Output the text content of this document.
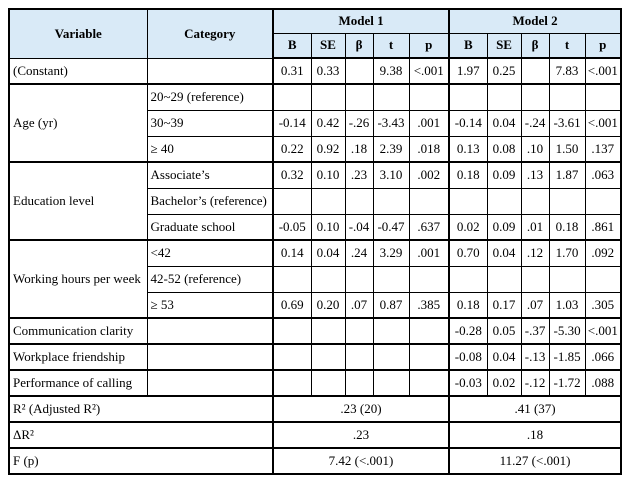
Variable	Category	Model 1					Model 2				
		B	SE	β	t	p	B	SE	β	t	p
(Constant)		0.31	0.33		9.38	<.001	1.97	0.25		7.83	<.001
Age (yr)	20~29 (reference)										
	30~39	-0.14	0.42	-.26	-3.43	.001	-0.14	0.04	-.24	-3.61	<.001
	≥ 40	0.22	0.92	.18	2.39	.018	0.13	0.08	.10	1.50	.137
Education level	Associate’s	0.32	0.10	.23	3.10	.002	0.18	0.09	.13	1.87	.063
	Bachelor’s (reference)										
	Graduate school	-0.05	0.10	-.04	-0.47	.637	0.02	0.09	.01	0.18	.861
Working hours per week	<42	0.14	0.04	.24	3.29	.001	0.70	0.04	.12	1.70	.092
	42-52 (reference)										
	≥ 53	0.69	0.20	.07	0.87	.385	0.18	0.17	.07	1.03	.305
Communication clarity							-0.28	0.05	-.37	-5.30	<.001
Workplace friendship							-0.08	0.04	-.13	-1.85	.066
Performance of calling							-0.03	0.02	-.12	-1.72	.088
R² (Adjusted R²)		.23 (20)					.41 (37)				
ΔR²		.23					.18				
F (p)		7.42 (<.001)					11.27 (<.001)				
